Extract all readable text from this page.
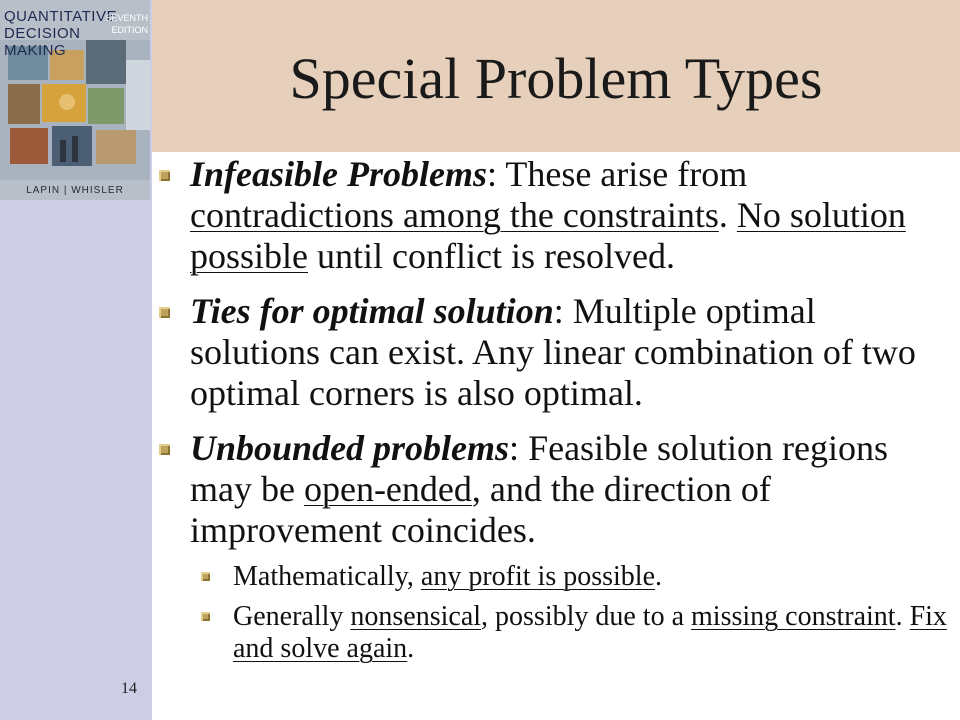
QUANTITATIVE
DECISION MAKING
SEVENTH
EDITION
LAPIN | WHISLER
Special Problem Types
Infeasible Problems: These arise from contradictions among the constraints. No solution possible until conflict is resolved.
Ties for optimal solution: Multiple optimal solutions can exist. Any linear combination of two optimal corners is also optimal.
Unbounded problems: Feasible solution regions may be open-ended, and the direction of improvement coincides.
Mathematically, any profit is possible.
Generally nonsensical, possibly due to a missing constraint. Fix and solve again.
14
